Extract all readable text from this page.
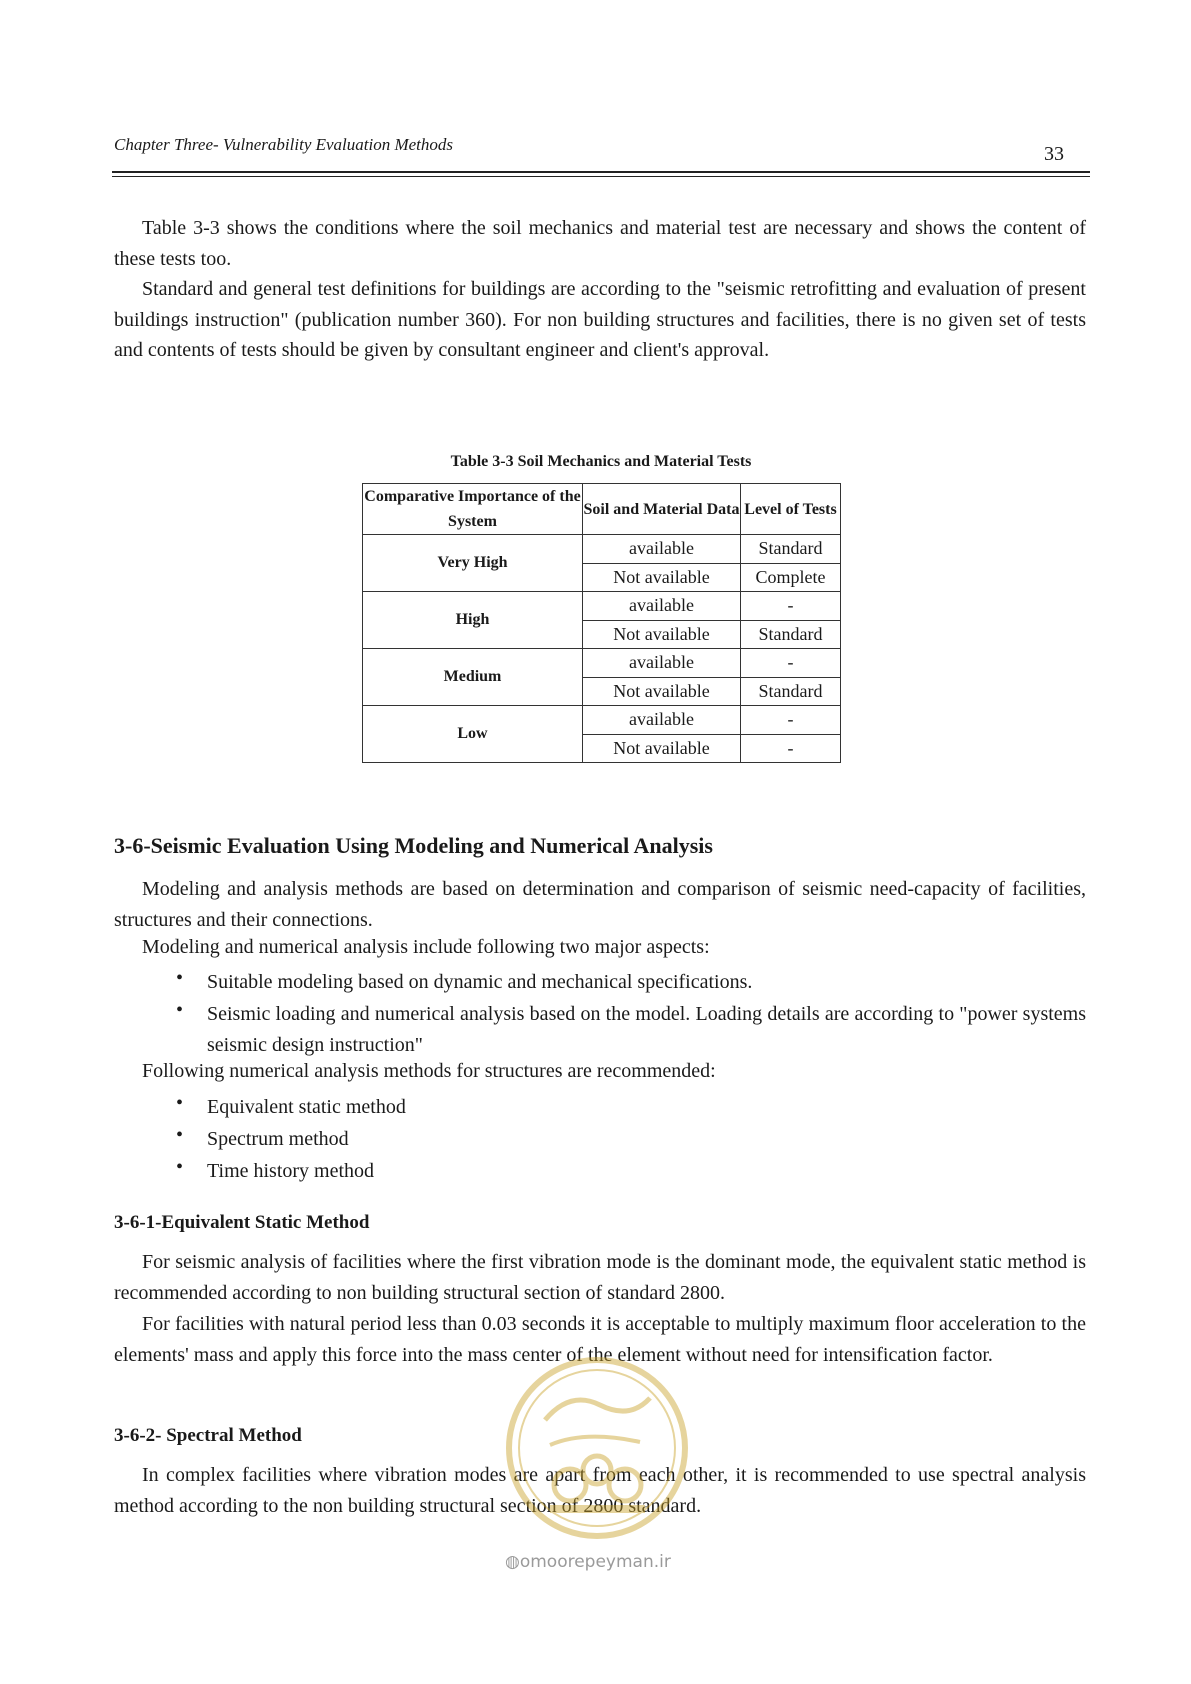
Chapter Three- Vulnerability Evaluation Methods	33
Table 3-3 shows the conditions where the soil mechanics and material test are necessary and shows the content of these tests too.
Standard and general test definitions for buildings are according to the "seismic retrofitting and evaluation of present buildings instruction" (publication number 360). For non building structures and facilities, there is no given set of tests and contents of tests should be given by consultant engineer and client's approval.
Table 3-3 Soil Mechanics and Material Tests
Comparative Importance of the System	Soil and Material Data	Level of Tests
Very High	available	Standard
	Not available	Complete
High	available	-
	Not available	Standard
Medium	available	-
	Not available	Standard
Low	available	-
	Not available	-
3-6-Seismic Evaluation Using Modeling and Numerical Analysis
Modeling and analysis methods are based on determination and comparison of seismic need-capacity of facilities, structures and their connections.
Modeling and numerical analysis include following two major aspects:
• Suitable modeling based on dynamic and mechanical specifications.
• Seismic loading and numerical analysis based on the model. Loading details are according to "power systems seismic design instruction"
Following numerical analysis methods for structures are recommended:
• Equivalent static method
• Spectrum method
• Time history method
3-6-1-Equivalent Static Method
For seismic analysis of facilities where the first vibration mode is the dominant mode, the equivalent static method is recommended according to non building structural section of standard 2800.
For facilities with natural period less than 0.03 seconds it is acceptable to multiply maximum floor acceleration to the elements' mass and apply this force into the mass center of the element without need for intensification factor.
3-6-2- Spectral Method
In complex facilities where vibration modes are apart from each other, it is recommended to use spectral analysis method according to the non building structural section of 2800 standard.
◍omoorepeyman.ir
